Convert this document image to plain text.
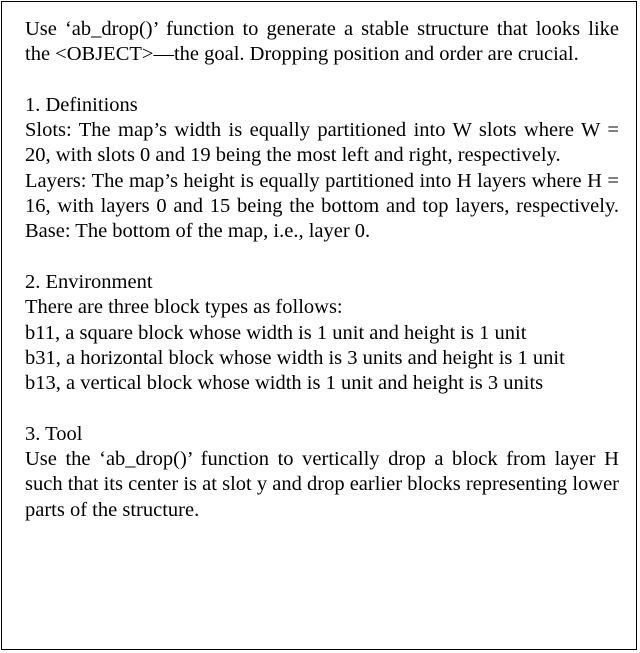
Use ‘ab_drop()’ function to generate a stable structure that looks like the <OBJECT>—the goal. Dropping position and order are crucial.

1. Definitions

Slots: The map’s width is equally partitioned into W slots where W = 20, with slots 0 and 19 being the most left and right, respectively.

Layers: The map’s height is equally partitioned into H layers where H = 16, with layers 0 and 15 being the bottom and top layers, respectively. Base: The bottom of the map, i.e., layer 0.

2. Environment

There are three block types as follows:

b11, a square block whose width is 1 unit and height is 1 unit

b31, a horizontal block whose width is 3 units and height is 1 unit

b13, a vertical block whose width is 1 unit and height is 3 units

3. Tool

Use the ‘ab_drop()’ function to vertically drop a block from layer H such that its center is at slot y and drop earlier blocks representing lower parts of the structure.
